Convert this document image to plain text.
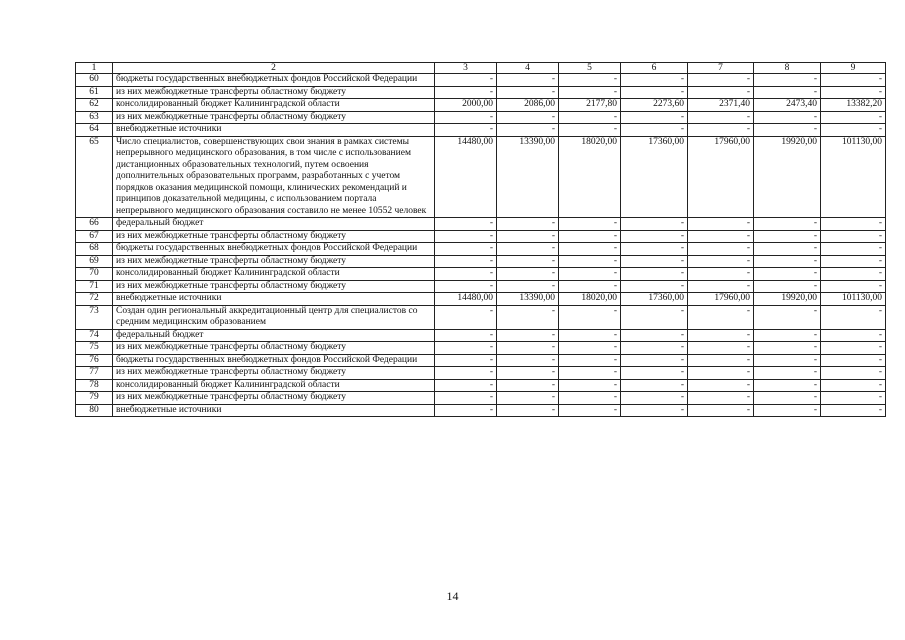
1	2	3	4	5	6	7	8	9
60	бюджеты государственных внебюджетных фондов Российской Федерации	-	-	-	-	-	-	-
61	из них межбюджетные трансферты областному бюджету	-	-	-	-	-	-	-
62	консолидированный бюджет Калининградской области	2000,00	2086,00	2177,80	2273,60	2371,40	2473,40	13382,20
63	из них межбюджетные трансферты областному бюджету	-	-	-	-	-	-	-
64	внебюджетные источники	-	-	-	-	-	-	-
65	Число специалистов, совершенствующих свои знания в рамках системы непрерывного медицинского образования, в том числе с использованием дистанционных образовательных технологий, путем освоения дополнительных образовательных программ, разработанных с учетом порядков оказания медицинской помощи, клинических рекомендаций и принципов доказательной медицины, с использованием портала непрерывного медицинского образования составило не менее 10552 человек	14480,00	13390,00	18020,00	17360,00	17960,00	19920,00	101130,00
66	федеральный бюджет	-	-	-	-	-	-	-
67	из них межбюджетные трансферты областному бюджету	-	-	-	-	-	-	-
68	бюджеты государственных внебюджетных фондов Российской Федерации	-	-	-	-	-	-	-
69	из них межбюджетные трансферты областному бюджету	-	-	-	-	-	-	-
70	консолидированный бюджет Калининградской области	-	-	-	-	-	-	-
71	из них межбюджетные трансферты областному бюджету	-	-	-	-	-	-	-
72	внебюджетные источники	14480,00	13390,00	18020,00	17360,00	17960,00	19920,00	101130,00
73	Создан один региональный аккредитационный центр для специалистов со средним медицинским образованием	-	-	-	-	-	-	-
74	федеральный бюджет	-	-	-	-	-	-	-
75	из них межбюджетные трансферты областному бюджету	-	-	-	-	-	-	-
76	бюджеты государственных внебюджетных фондов Российской Федерации	-	-	-	-	-	-	-
77	из них межбюджетные трансферты областному бюджету	-	-	-	-	-	-	-
78	консолидированный бюджет Калининградской области	-	-	-	-	-	-	-
79	из них межбюджетные трансферты областному бюджету	-	-	-	-	-	-	-
80	внебюджетные источники	-	-	-	-	-	-	-
14
